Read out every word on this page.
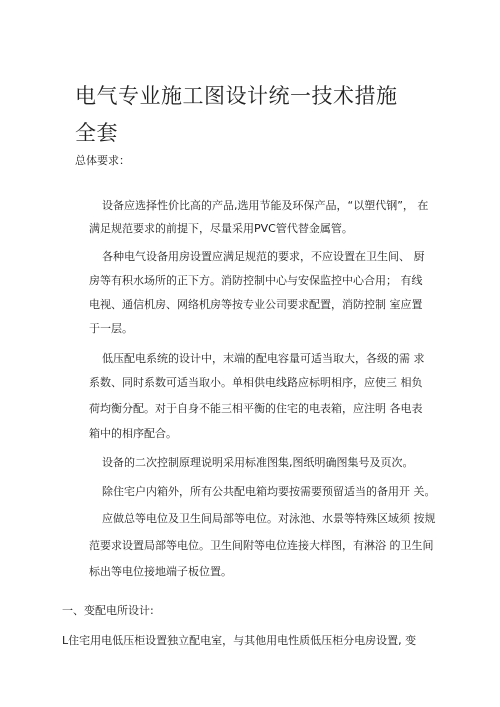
电气专业施工图设计统一技术措施
全套
总体要求：
设备应选择性价比高的产品,选用节能及环保产品，“以塑代钢”， 在
满足规范要求的前提下，尽量采用PVC管代替金属管。
各种电气设备用房设置应满足规范的要求，不应设置在卫生间、 厨
房等有积水场所的正下方。消防控制中心与安保监控中心合用； 有线
电视、通信机房、网络机房等按专业公司要求配置，消防控制 室应置
于一层。
低压配电系统的设计中，末端的配电容量可适当取大，各级的需 求
系数、同时系数可适当取小。单相供电线路应标明相序，应使三 相负
荷均衡分配。对于自身不能三相平衡的住宅的电表箱，应注明 各电表
箱中的相序配合。
设备的二次控制原理说明采用标准图集,图纸明确图集号及页次。
除住宅户内箱外，所有公共配电箱均要按需要预留适当的备用开 关。
应做总等电位及卫生间局部等电位。对泳池、水景等特殊区域须 按规
范要求设置局部等电位。卫生间附等电位连接大样图，有淋浴 的卫生间
标出等电位接地端子板位置。
一、变配电所设计:
L住宅用电低压柜设置独立配电室，与其他用电性质低压柜分电房设置, 变
